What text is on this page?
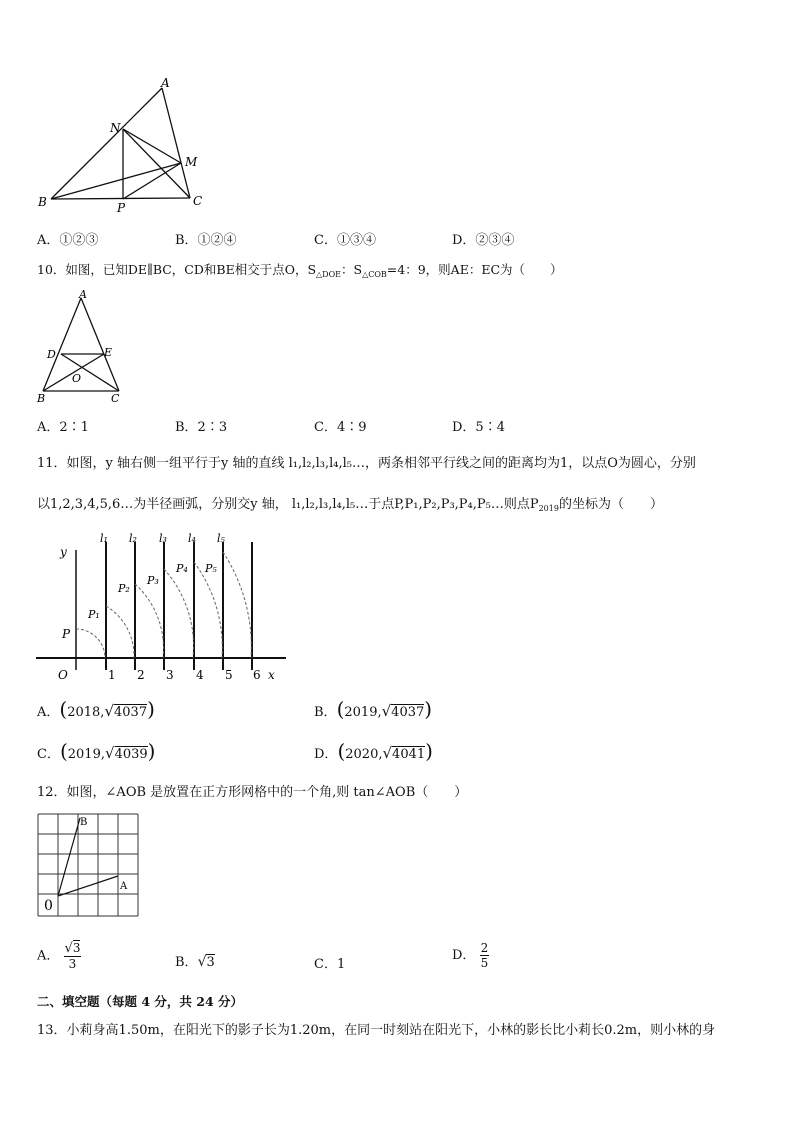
A
N
M
B	P	C
A．①②③	B．①②④	C．①③④	D．②③④
10．如图，已知DE∥BC，CD和BE相交于点O，$S_{\triangle DOE}$：$S_{\triangle COB}=4$：9，则AE：EC为（　　）
A
D	E
O
B	C
A．2∶1	B．2∶3	C．4∶9	D．5∶4
11．如图，y 轴右侧一组平行于y 轴的直线 l₁,l₂,l₃,l₄,l₅…，两条相邻平行线之间的距离均为1，以点O为圆心，分别
以1,2,3,4,5,6…为半径画弧，分别交y 轴， l₁,l₂,l₃,l₄,l₅…于点P,P₁,P₂,P₃,P₄,P₅…则点$P_{2019}$的坐标为（　　）
y
l₁ l₂ l₃ l₄ l₅
P
P₁
P₂
P₃
P₄ P₅
O	1 2 3 4 5 6 x
A．(2018,√4037)	B．(2019,√4037)
C．(2019,√4039)	D．(2020,√4041)
12．如图，∠AOB 是放置在正方形网格中的一个角,则 tan∠AOB（　　）
B
A
0
A． $\frac{√3}{3}$	B．√3	C．1
D． $\frac{2}{5}$
二、填空题（每题 4 分，共 24 分）
13．小莉身高1.50m，在阳光下的影子长为1.20m，在同一时刻站在阳光下，小林的影长比小莉长0.2m，则小林的身
